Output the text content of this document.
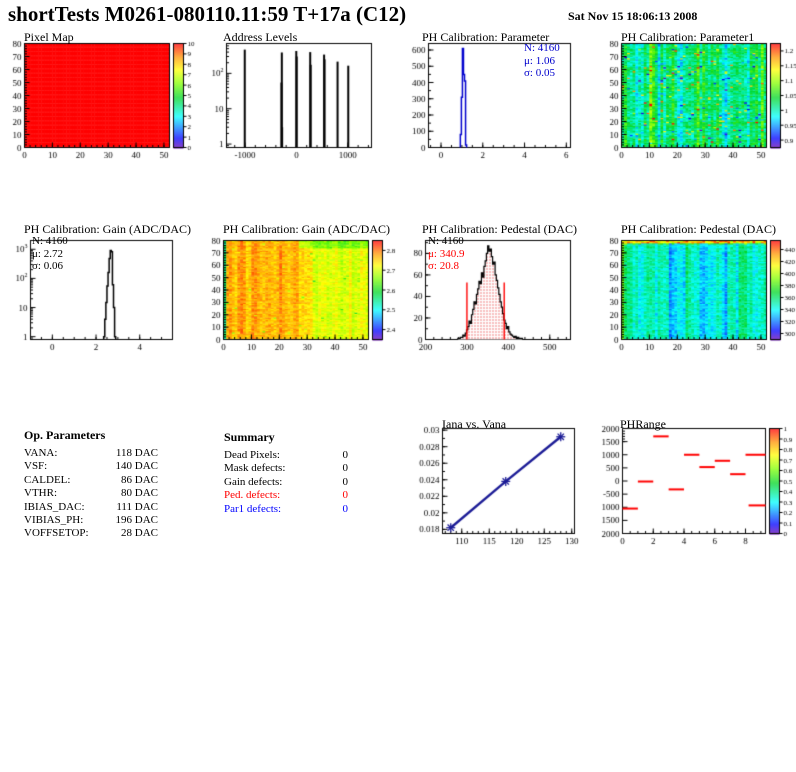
shortTests M0261-080110.11:59 T+17a (C12)	Sat Nov 15 18:06:13 2008
Pixel Map	Address Levels	PH Calibration: Parameter
N: 4160
μ: 1.06
σ: 0.05
PH Calibration: Parameter1
PH Calibration: Gain (ADC/DAC)
N: 4160
μ: 2.72
σ: 0.06
PH Calibration: Gain (ADC/DAC)	PH Calibration: Pedestal (DAC)
N: 4160
μ: 340.9
σ: 20.8
PH Calibration: Pedestal (DAC)
Op. Parameters
VANA:	118 DAC
VSF:	140 DAC
CALDEL:	86 DAC
VTHR:	80 DAC
IBIAS_DAC:	111 DAC
VIBIAS_PH:	196 DAC
VOFFSETOP:	28 DAC
Summary
Dead Pixels:	0
Mask defects:	0
Gain defects:	0
Ped. defects:	0
Par1 defects:	0
Iana vs. Vana	PHRange
